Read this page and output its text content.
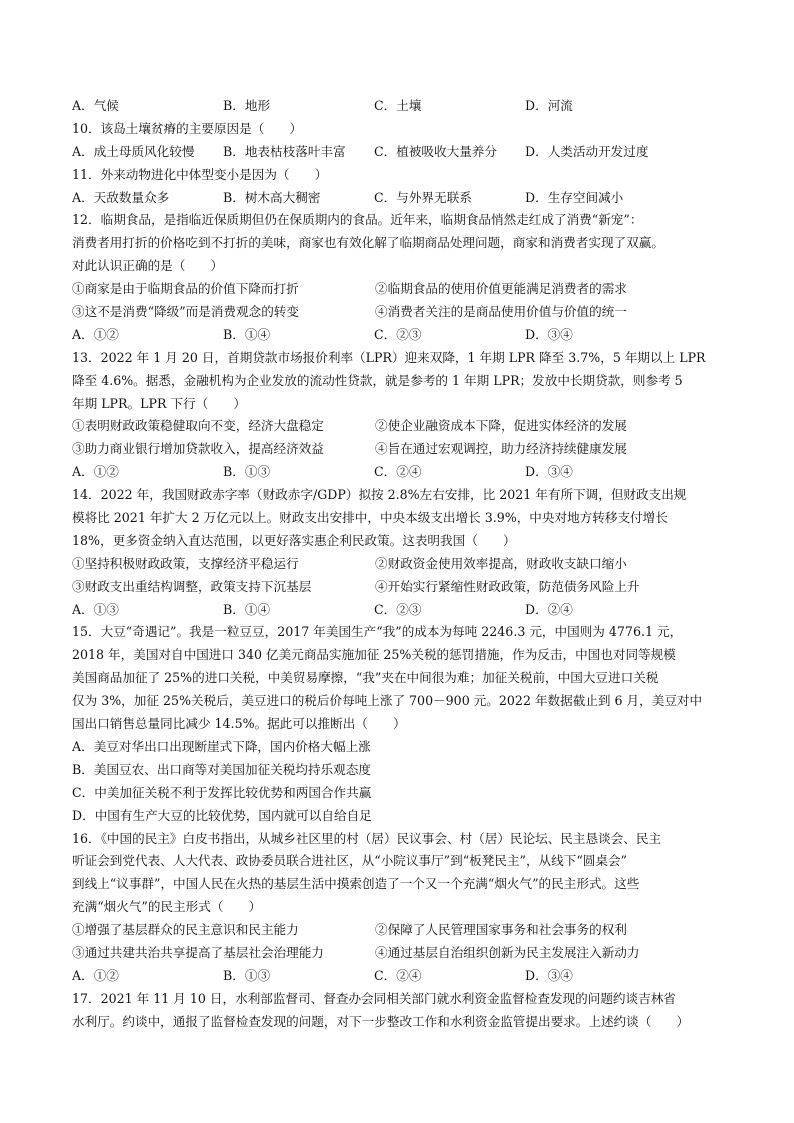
A．气候	B．地形	C．土壤	D．河流
10．该岛土壤贫瘠的主要原因是（　　）
A．成土母质风化较慢	B．地表枯枝落叶丰富	C．植被吸收大量养分	D．人类活动开发过度
11．外来动物进化中体型变小是因为（　　）
A．天敌数量众多	B．树木高大稠密	C．与外界无联系	D．生存空间减小
12．临期食品，是指临近保质期但仍在保质期内的食品。近年来，临期食品悄然走红成了消费“新宠”：
消费者用打折的价格吃到不打折的美味，商家也有效化解了临期商品处理问题，商家和消费者实现了双赢。
对此认识正确的是（　　）
①商家是由于临期食品的价值下降而打折	②临期食品的使用价值更能满足消费者的需求
③这不是消费“降级”而是消费观念的转变	④消费者关注的是商品使用价值与价值的统一
A．①②	B．①④	C．②③	D．③④
13．2022 年 1 月 20 日，首期贷款市场报价利率（LPR）迎来双降，1 年期 LPR 降至 3.7%，5 年期以上 LPR
降至 4.6%。据悉，金融机构为企业发放的流动性贷款，就是参考的 1 年期 LPR；发放中长期贷款，则参考 5
年期 LPR。LPR 下行（　　）
①表明财政政策稳健取向不变，经济大盘稳定	②使企业融资成本下降，促进实体经济的发展
③助力商业银行增加贷款收入，提高经济效益	④旨在通过宏观调控，助力经济持续健康发展
A．①②	B．①③	C．②④	D．③④
14．2022 年，我国财政赤字率（财政赤字/GDP）拟按 2.8%左右安排，比 2021 年有所下调，但财政支出规
模将比 2021 年扩大 2 万亿元以上。财政支出安排中，中央本级支出增长 3.9%，中央对地方转移支付增长
18%，更多资金纳入直达范围，以更好落实惠企利民政策。这表明我国（　　）
①坚持积极财政政策，支撑经济平稳运行	②财政资金使用效率提高，财政收支缺口缩小
③财政支出重结构调整，政策支持下沉基层	④开始实行紧缩性财政政策，防范债务风险上升
A．①③	B．①④	C．②③	D．②④
15．大豆“奇遇记”。我是一粒豆豆，2017 年美国生产“我”的成本为每吨 2246.3 元，中国则为 4776.1 元，
2018 年，美国对自中国进口 340 亿美元商品实施加征 25%关税的惩罚措施，作为反击，中国也对同等规模
美国商品加征了 25%的进口关税，中美贸易摩擦，“我”夹在中间很为难；加征关税前，中国大豆进口关税
仅为 3%，加征 25%关税后，美豆进口的税后价每吨上涨了 700－900 元。2022 年数据截止到 6 月，美豆对中
国出口销售总量同比减少 14.5%。据此可以推断出（　　）
A．美豆对华出口出现断崖式下降，国内价格大幅上涨
B．美国豆农、出口商等对美国加征关税均持乐观态度
C．中美加征关税不利于发挥比较优势和两国合作共赢
D．中国有生产大豆的比较优势，国内就可以自给自足
16．《中国的民主》白皮书指出，从城乡社区里的村（居）民议事会、村（居）民论坛、民主恳谈会、民主
听证会到党代表、人大代表、政协委员联合进社区，从“小院议事厅”到“板凳民主”，从线下“圆桌会”
到线上“议事群”，中国人民在火热的基层生活中摸索创造了一个又一个充满“烟火气”的民主形式。这些
充满“烟火气”的民主形式（　　）
①增强了基层群众的民主意识和民主能力	②保障了人民管理国家事务和社会事务的权利
③通过共建共治共享提高了基层社会治理能力	④通过基层自治组织创新为民主发展注入新动力
A．①②	B．①③	C．②④	D．③④
17．2021 年 11 月 10 日，水利部监督司、督查办会同相关部门就水利资金监督检查发现的问题约谈吉林省
水利厅。约谈中，通报了监督检查发现的问题，对下一步整改工作和水利资金监管提出要求。上述约谈（　　）
